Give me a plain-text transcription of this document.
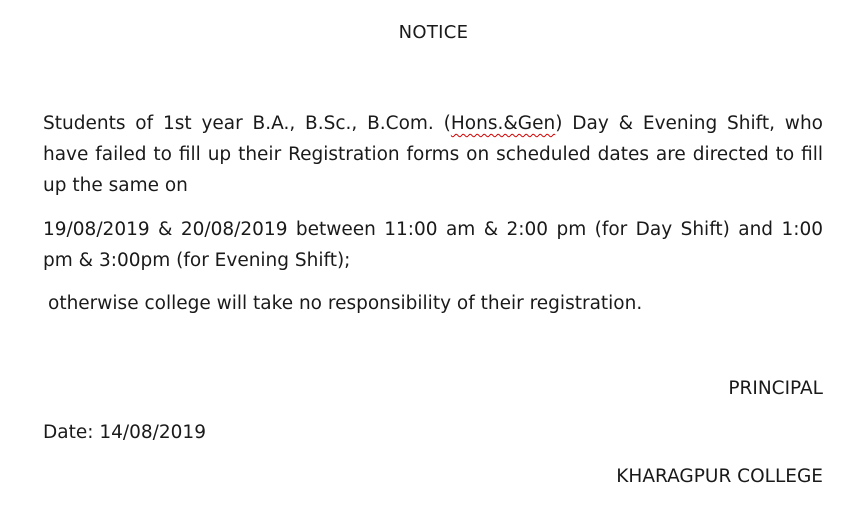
NOTICE
Students of 1st year B.A., B.Sc., B.Com. (Hons.&Gen) Day & Evening Shift, who have failed to fill up their Registration forms on scheduled dates are directed to fill up the same on
19/08/2019 & 20/08/2019 between 11:00 am & 2:00 pm (for Day Shift) and 1:00 pm & 3:00pm (for Evening Shift);
otherwise college will take no responsibility of their registration.
PRINCIPAL
Date: 14/08/2019
KHARAGPUR COLLEGE
